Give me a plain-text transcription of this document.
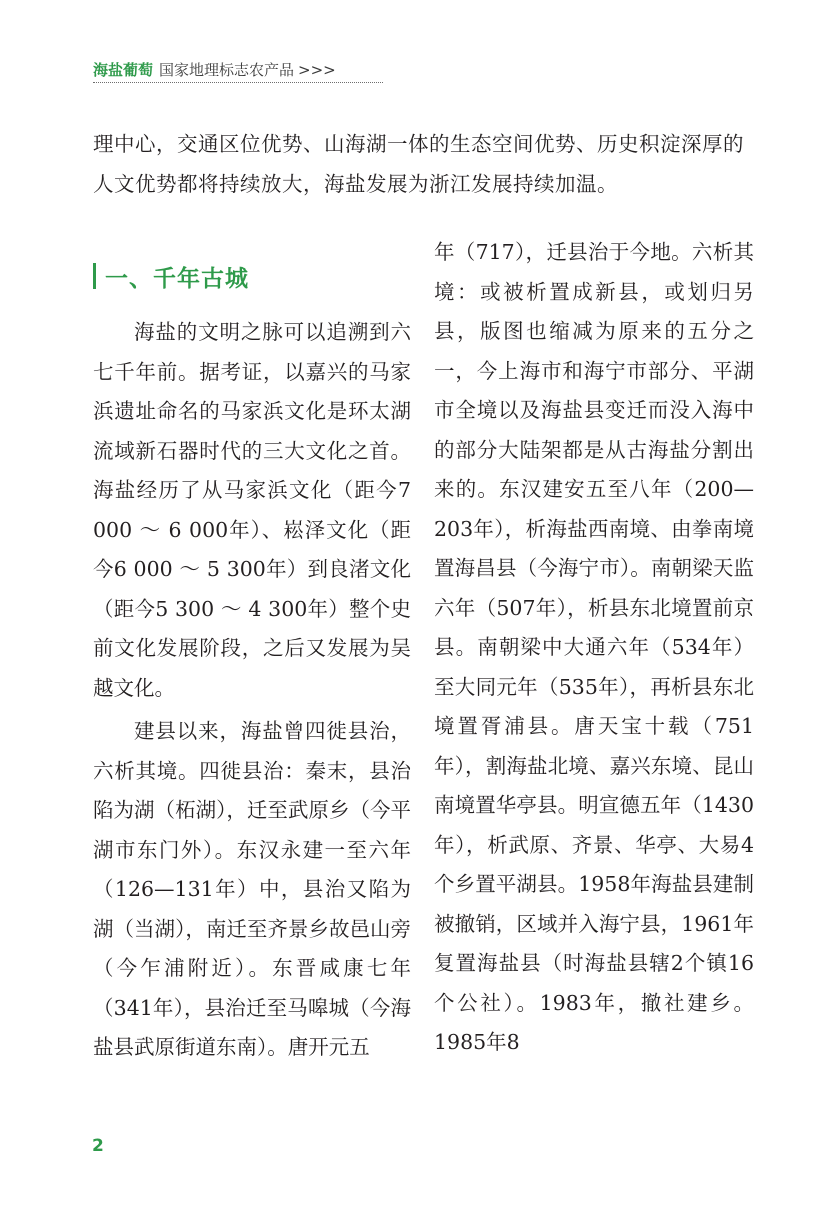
海盐葡萄 国家地理标志农产品 >>>

理中心，交通区位优势、山海湖一体的生态空间优势、历史积淀深厚的人文优势都将持续放大，海盐发展为浙江发展持续加温。

一、千年古城

海盐的文明之脉可以追溯到六七千年前。据考证，以嘉兴的马家浜遗址命名的马家浜文化是环太湖流域新石器时代的三大文化之首。海盐经历了从马家浜文化（距今7 000 ～ 6 000年）、崧泽文化（距今6 000 ～ 5 300年）到良渚文化（距今5 300 ～ 4 300年）整个史前文化发展阶段，之后又发展为吴越文化。

建县以来，海盐曾四徙县治，六析其境。四徙县治：秦末，县治陷为湖（柘湖），迁至武原乡（今平湖市东门外）。东汉永建一至六年（126—131年）中，县治又陷为湖（当湖），南迁至齐景乡故邑山旁（今乍浦附近）。东晋咸康七年（341年），县治迁至马嗥城（今海盐县武原街道东南）。唐开元五

年（717），迁县治于今地。六析其境：或被析置成新县，或划归另县，版图也缩减为原来的五分之一，今上海市和海宁市部分、平湖市全境以及海盐县变迁而没入海中的部分大陆架都是从古海盐分割出来的。东汉建安五至八年（200—203年），析海盐西南境、由拳南境置海昌县（今海宁市）。南朝梁天监六年（507年），析县东北境置前京县。南朝梁中大通六年（534年）至大同元年（535年），再析县东北境置胥浦县。唐天宝十载（751年），割海盐北境、嘉兴东境、昆山南境置华亭县。明宣德五年（1430年），析武原、齐景、华亭、大易4个乡置平湖县。1958年海盐县建制被撤销，区域并入海宁县，1961年复置海盐县（时海盐县辖2个镇16个公社）。1983年，撤社建乡。1985年8

2
